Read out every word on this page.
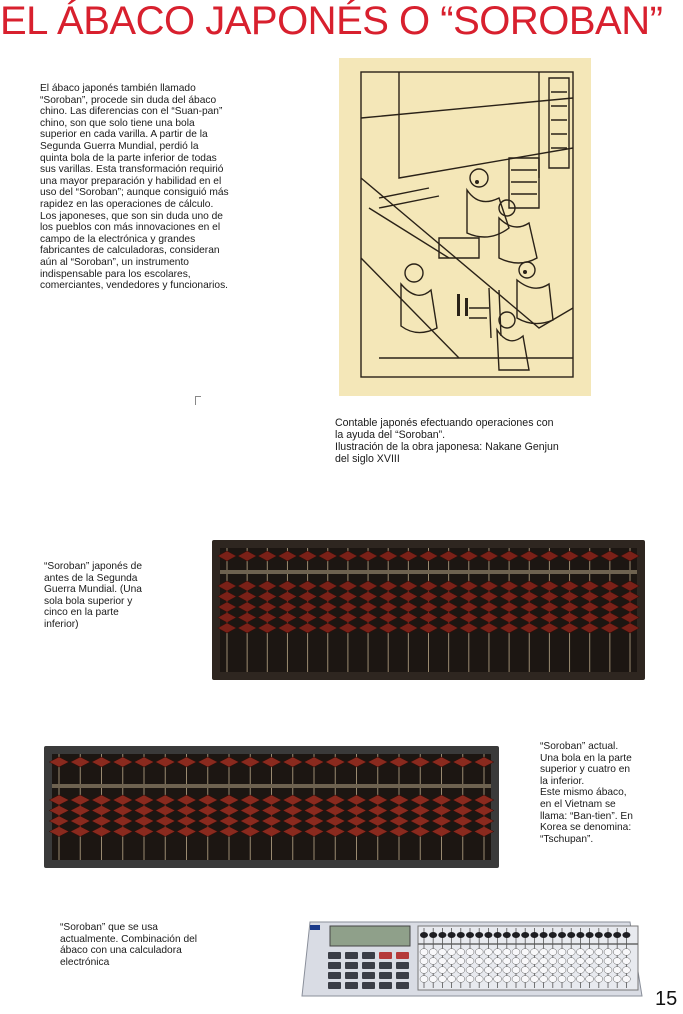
EL ÁBACO JAPONÉS O “SOROBAN”
El ábaco japonés también llamado
“Soroban”, procede sin duda del ábaco
chino. Las diferencias con el “Suan-pan”
chino, son que solo tiene una bola
superior en cada varilla. A partir de la
Segunda Guerra Mundial, perdió la
quinta bola de la parte inferior de todas
sus varillas. Esta transformación requirió
una mayor preparación y habilidad en el
uso del “Soroban”; aunque consiguió más
rapidez en las operaciones de cálculo.
Los japoneses, que son sin duda uno de
los pueblos con más innovaciones en el
campo de la electrónica y grandes
fabricantes de calculadoras, consideran
aún al “Soroban”, un instrumento
indispensable para los escolares,
comerciantes, vendedores y funcionarios.
Contable japonés efectuando operaciones con
la ayuda del “Soroban”.
Ilustración de la obra japonesa: Nakane Genjun
del siglo XVIII
“Soroban” japonés de
antes de la Segunda
Guerra Mundial. (Una
sola bola superior y
cinco en la parte
inferior)
“Soroban” actual.
Una bola en la parte
superior y cuatro en
la inferior.
Este mismo ábaco,
en el Vietnam se
llama: “Ban-tien”. En
Korea se denomina:
“Tschupan”.
“Soroban” que se usa
actualmente. Combinación del
ábaco con una calculadora
electrónica
15
